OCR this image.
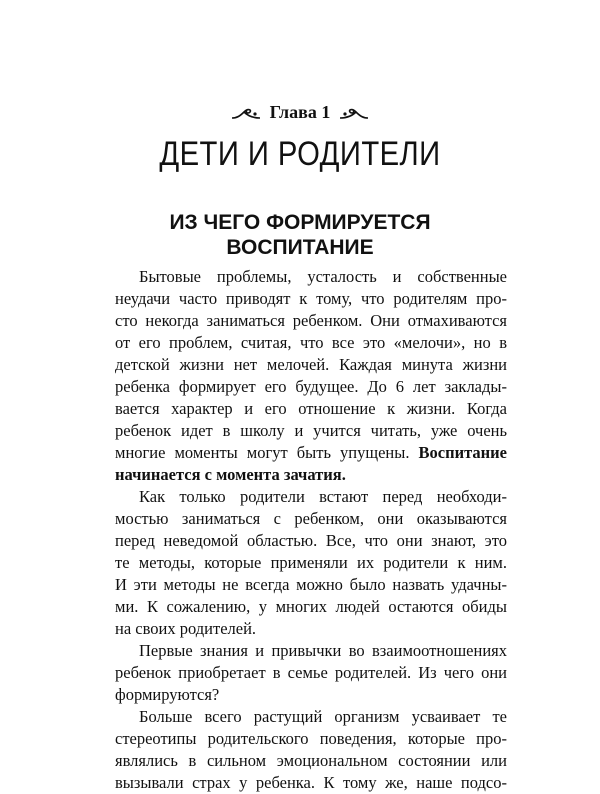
Глава 1
ДЕТИ И РОДИТЕЛИ
ИЗ ЧЕГО ФОРМИРУЕТСЯ
ВОСПИТАНИЕ

Бытовые проблемы, усталость и собственные
неудачи часто приводят к тому, что родителям про-
сто некогда заниматься ребенком. Они отмахиваются
от его проблем, считая, что все это «мелочи», но в
детской жизни нет мелочей. Каждая минута жизни
ребенка формирует его будущее. До 6 лет заклады-
вается характер и его отношение к жизни. Когда
ребенок идет в школу и учится читать, уже очень
многие моменты могут быть упущены. Воспитание
начинается с момента зачатия.

Как только родители встают перед необходи-
мостью заниматься с ребенком, они оказываются
перед неведомой областью. Все, что они знают, это
те методы, которые применяли их родители к ним.
И эти методы не всегда можно было назвать удачны-
ми. К сожалению, у многих людей остаются обиды
на своих родителей.

Первые знания и привычки во взаимоотношениях
ребенок приобретает в семье родителей. Из чего они
формируются?

Больше всего растущий организм усваивает те
стереотипы родительского поведения, которые про-
являлись в сильном эмоциональном состоянии или
вызывали страх у ребенка. К тому же, наше подсо-
